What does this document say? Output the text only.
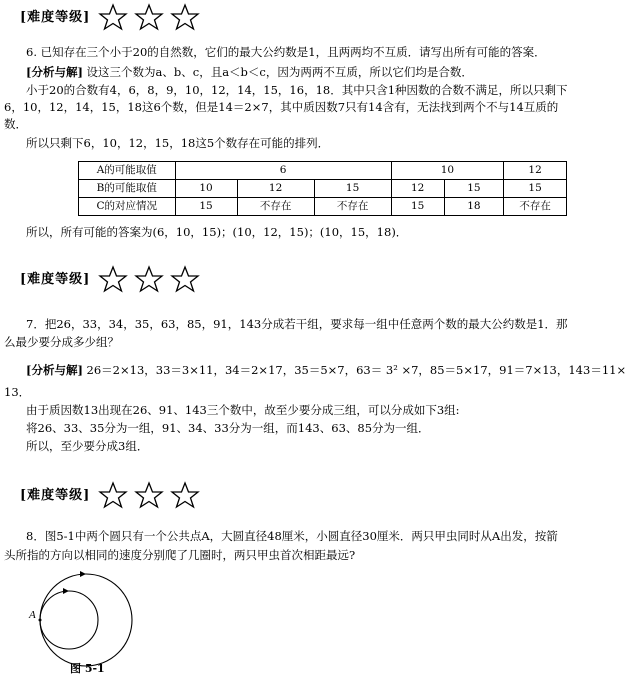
[难度等级]
6. 已知存在三个小于20的自然数，它们的最大公约数是1，且两两均不互质．请写出所有可能的答案．
[分析与解] 设这三个数为a、b、c，且a＜b＜c，因为两两不互质，所以它们均是合数．
小于20的合数有4，6，8，9，10，12，14，15，16，18．其中只含1种因数的合数不满足，所以只剩下
6，10，12，14，15，18这6个数，但是14＝2×7，其中质因数7只有14含有，无法找到两个不与14互质的
数．
所以只剩下6，10，12，15，18这5个数存在可能的排列．
A的可能取值	6			10		12
B的可能取值	10	12	15	12	15	15
C的对应情况	15	不存在	不存在	15	18	不存在
所以，所有可能的答案为(6，10，15)；(10，12，15)；(10，15，18)．
[难度等级]
7．把26，33，34，35，63，85，91，143分成若干组，要求每一组中任意两个数的最大公约数是1．那
么最少要分成多少组？
[分析与解] 26＝2×13，33＝3×11，34＝2×17，35＝5×7，63＝ 3² ×7，85＝5×17，91＝7×13，143＝11×
13．
由于质因数13出现在26、91、143三个数中，故至少要分成三组，可以分成如下3组:
将26、33、35分为一组，91、34、33分为一组，而143、63、85分为一组．
所以，至少要分成3组．
[难度等级]
8．图5-1中两个圆只有一个公共点A，大圆直径48厘米，小圆直径30厘米．两只甲虫同时从A出发，按箭
头所指的方向以相同的速度分别爬了几圈时，两只甲虫首次相距最远?
A
图 5-1
